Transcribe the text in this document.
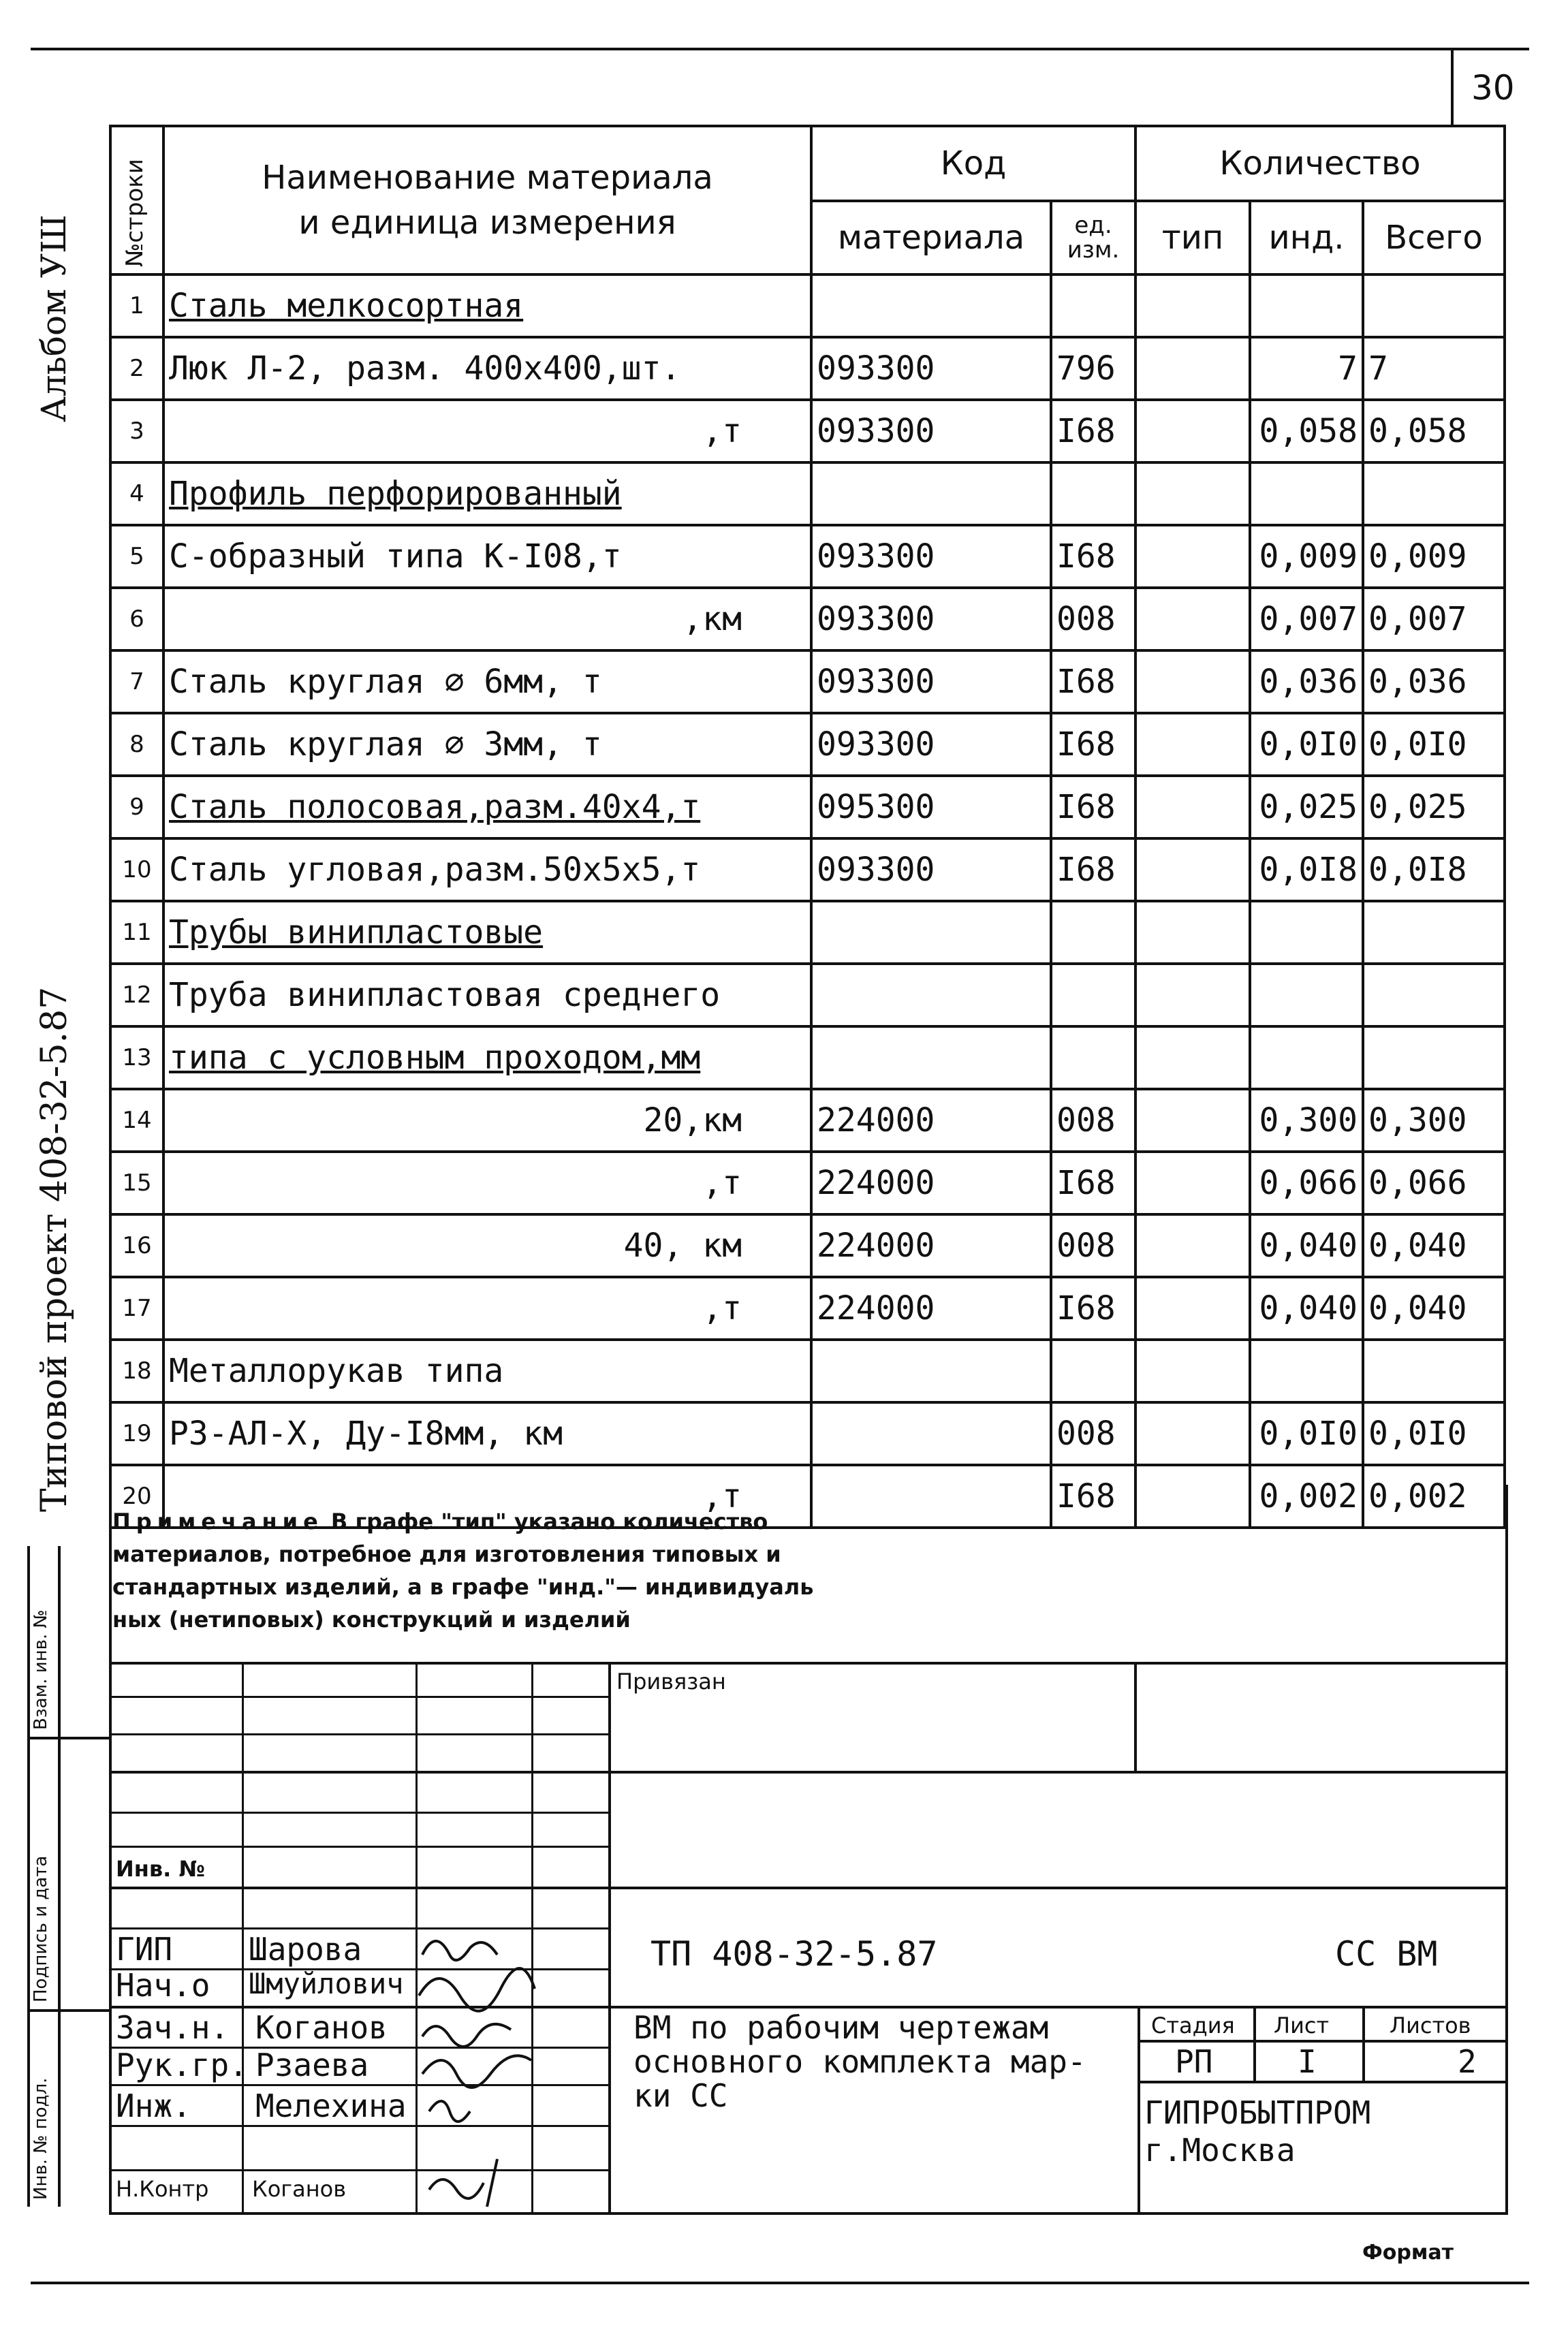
30
Альбом УШ
Типовой проект 408-32-5.87
Инв. № подл.
Подпись и дата
Взам. инв. №
№строки	Наименование материала
и единица измерения	Код		Количество		
		материала	ед. изм.	тип	инд.	Всего
1	Сталь мелкосортная					
2	Люк Л-2, разм. 400х400,шт.	093300	796		7	7
3	,т	093300	I68		0,058	0,058
4	Профиль перфорированный					
5	С-образный типа К-I08,т	093300	I68		0,009	0,009
6	,км	093300	008		0,007	0,007
7	Сталь круглая ∅ 6мм, т	093300	I68		0,036	0,036
8	Сталь круглая ∅ 3мм, т	093300	I68		0,0I0	0,0I0
9	Сталь полосовая,разм.40х4,т	095300	I68		0,025	0,025
10	Сталь угловая,разм.50х5х5,т	093300	I68		0,0I8	0,0I8
11	Трубы винипластовые					
12	Труба винипластовая среднего					
13	типа с условным проходом,мм					
14	20,км	224000	008		0,300	0,300
15	,т	224000	I68		0,066	0,066
16	40, км	224000	008		0,040	0,040
17	,т	224000	I68		0,040	0,040
18	Металлорукав типа					
19	РЗ-АЛ-Х, Ду-I8мм, км		008		0,0I0	0,0I0
20	,т		I68		0,002	0,002
Примечание В графе "тип" указано количество
материалов, потребное для изготовления типовых и
стандартных изделий, а в графе "инд."— индивидуаль
ных (нетиповых) конструкций и изделий
Привязан
Инв. №
ГИП Шарова
Нач.о Шмуйлович
Зач.н. Коганов
Рук.гр. Рзаева
Инж. Мелехина
Н.Контр Коганов
ТП 408-32-5.87	СС ВМ
ВМ по рабочим чертежам
основного комплекта мар-
ки СС
Стадия Лист	Листов
РП	I	2
ГИПРОБЫТПРОМ
г.Москва
Формат
